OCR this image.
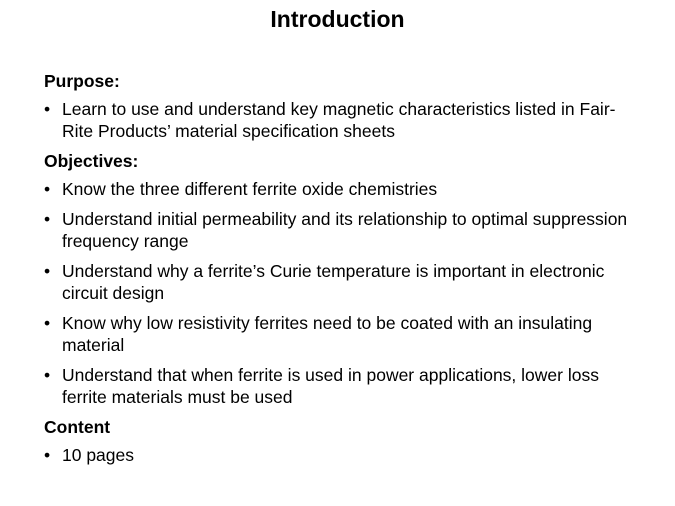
Introduction
Purpose:
• Learn to use and understand key magnetic characteristics listed in Fair-Rite Products’ material specification sheets
Objectives:
• Know the three different ferrite oxide chemistries
• Understand initial permeability and its relationship to optimal suppression frequency range
• Understand why a ferrite’s Curie temperature is important in electronic circuit design
• Know why low resistivity ferrites need to be coated with an insulating material
• Understand that when ferrite is used in power applications, lower loss ferrite materials must be used
Content
• 10 pages
